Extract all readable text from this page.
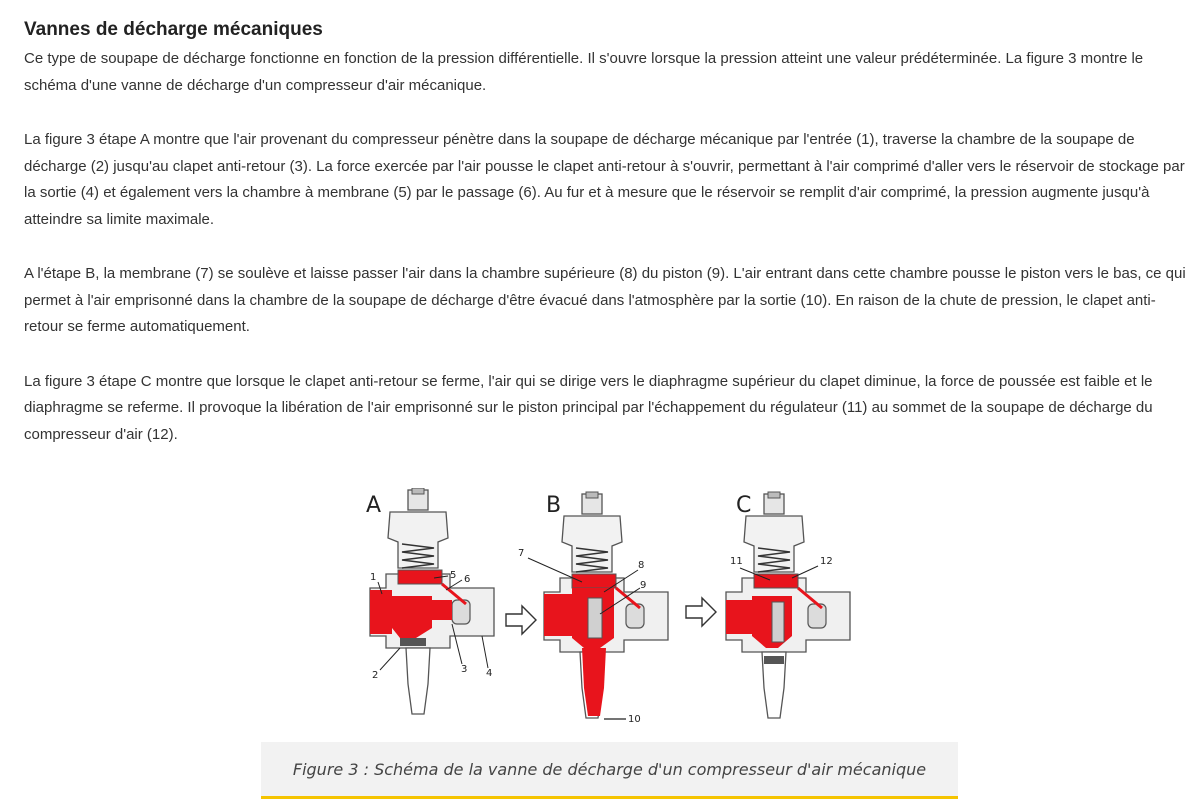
Vannes de décharge mécaniques

Ce type de soupape de décharge fonctionne en fonction de la pression différentielle. Il s'ouvre lorsque la pression atteint une valeur prédéterminée. La figure 3 montre le schéma d'une vanne de décharge d'un compresseur d'air mécanique.

La figure 3 étape A montre que l'air provenant du compresseur pénètre dans la soupape de décharge mécanique par l'entrée (1), traverse la chambre de la soupape de décharge (2) jusqu'au clapet anti-retour (3). La force exercée par l'air pousse le clapet anti-retour à s'ouvrir, permettant à l'air comprimé d'aller vers le réservoir de stockage par la sortie (4) et également vers la chambre à membrane (5) par le passage (6). Au fur et à mesure que le réservoir se remplit d'air comprimé, la pression augmente jusqu'à atteindre sa limite maximale.

A l'étape B, la membrane (7) se soulève et laisse passer l'air dans la chambre supérieure (8) du piston (9). L'air entrant dans cette chambre pousse le piston vers le bas, ce qui permet à l'air emprisonné dans la chambre de la soupape de décharge d'être évacué dans l'atmosphère par la sortie (10). En raison de la chute de pression, le clapet anti-retour se ferme automatiquement.

La figure 3 étape C montre que lorsque le clapet anti-retour se ferme, l'air qui se dirige vers le diaphragme supérieur du clapet diminue, la force de poussée est faible et le diaphragme se referme. Il provoque la libération de l'air emprisonné sur le piston principal par l'échappement du régulateur (11) au sommet de la soupape de décharge du compresseur d'air (12).

A
1	5 6
2
3 4
B
7
8
9
10
C
11	12
Figure 3 : Schéma de la vanne de décharge d'un compresseur d'air mécanique
